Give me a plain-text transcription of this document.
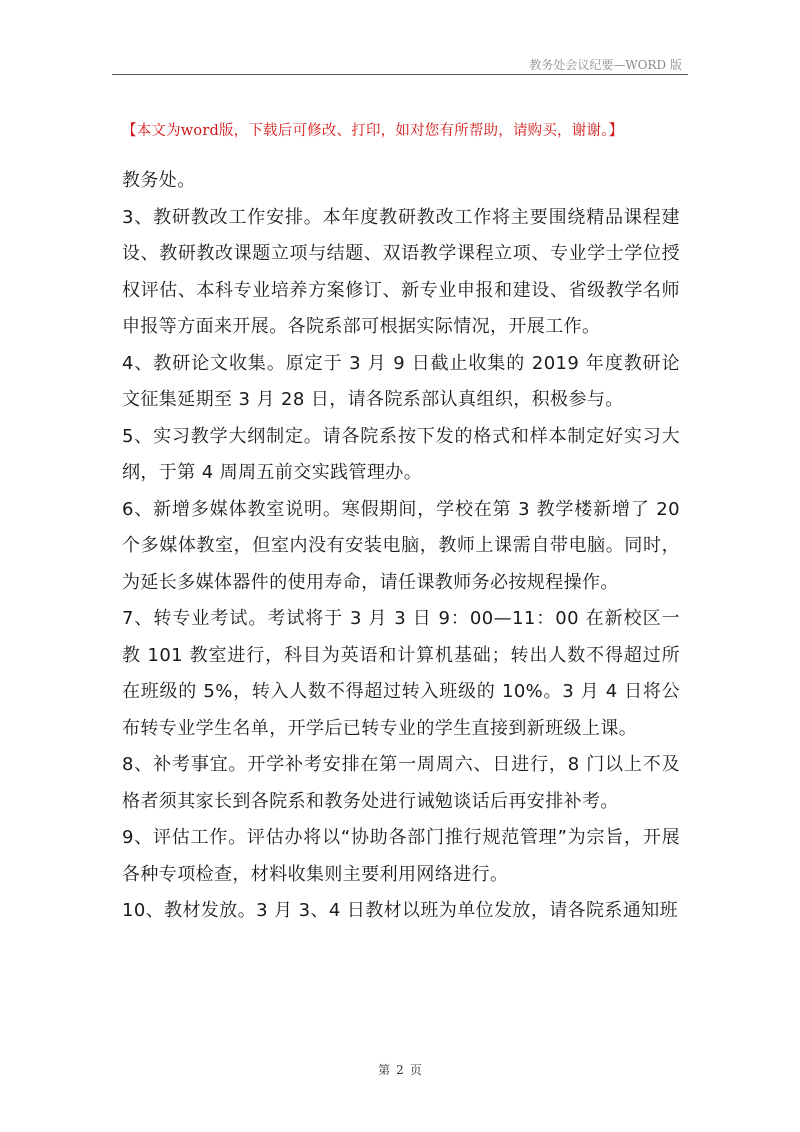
教务处会议纪要—WORD 版
【本文为word版，下载后可修改、打印，如对您有所帮助，请购买，谢谢。】

教务处。

3、教研教改工作安排。本年度教研教改工作将主要围绕精品课程建设、教研教改课题立项与结题、双语教学课程立项、专业学士学位授权评估、本科专业培养方案修订、新专业申报和建设、省级教学名师申报等方面来开展。各院系部可根据实际情况，开展工作。

4、教研论文收集。原定于 3 月 9 日截止收集的 2019 年度教研论文征集延期至 3 月 28 日，请各院系部认真组织，积极参与。

5、实习教学大纲制定。请各院系按下发的格式和样本制定好实习大纲，于第 4 周周五前交实践管理办。

6、新增多媒体教室说明。寒假期间，学校在第 3 教学楼新增了 20 个多媒体教室，但室内没有安装电脑，教师上课需自带电脑。同时，为延长多媒体器件的使用寿命，请任课教师务必按规程操作。

7、转专业考试。考试将于 3 月 3 日 9：00—11：00 在新校区一教 101 教室进行，科目为英语和计算机基础；转出人数不得超过所在班级的 5%，转入人数不得超过转入班级的 10%。3 月 4 日将公布转专业学生名单，开学后已转专业的学生直接到新班级上课。

8、补考事宜。开学补考安排在第一周周六、日进行，8 门以上不及格者须其家长到各院系和教务处进行诫勉谈话后再安排补考。

9、评估工作。评估办将以“协助各部门推行规范管理”为宗旨，开展各种专项检查，材料收集则主要利用网络进行。

10、教材发放。3 月 3、4 日教材以班为单位发放，请各院系通知班

第 2 页
